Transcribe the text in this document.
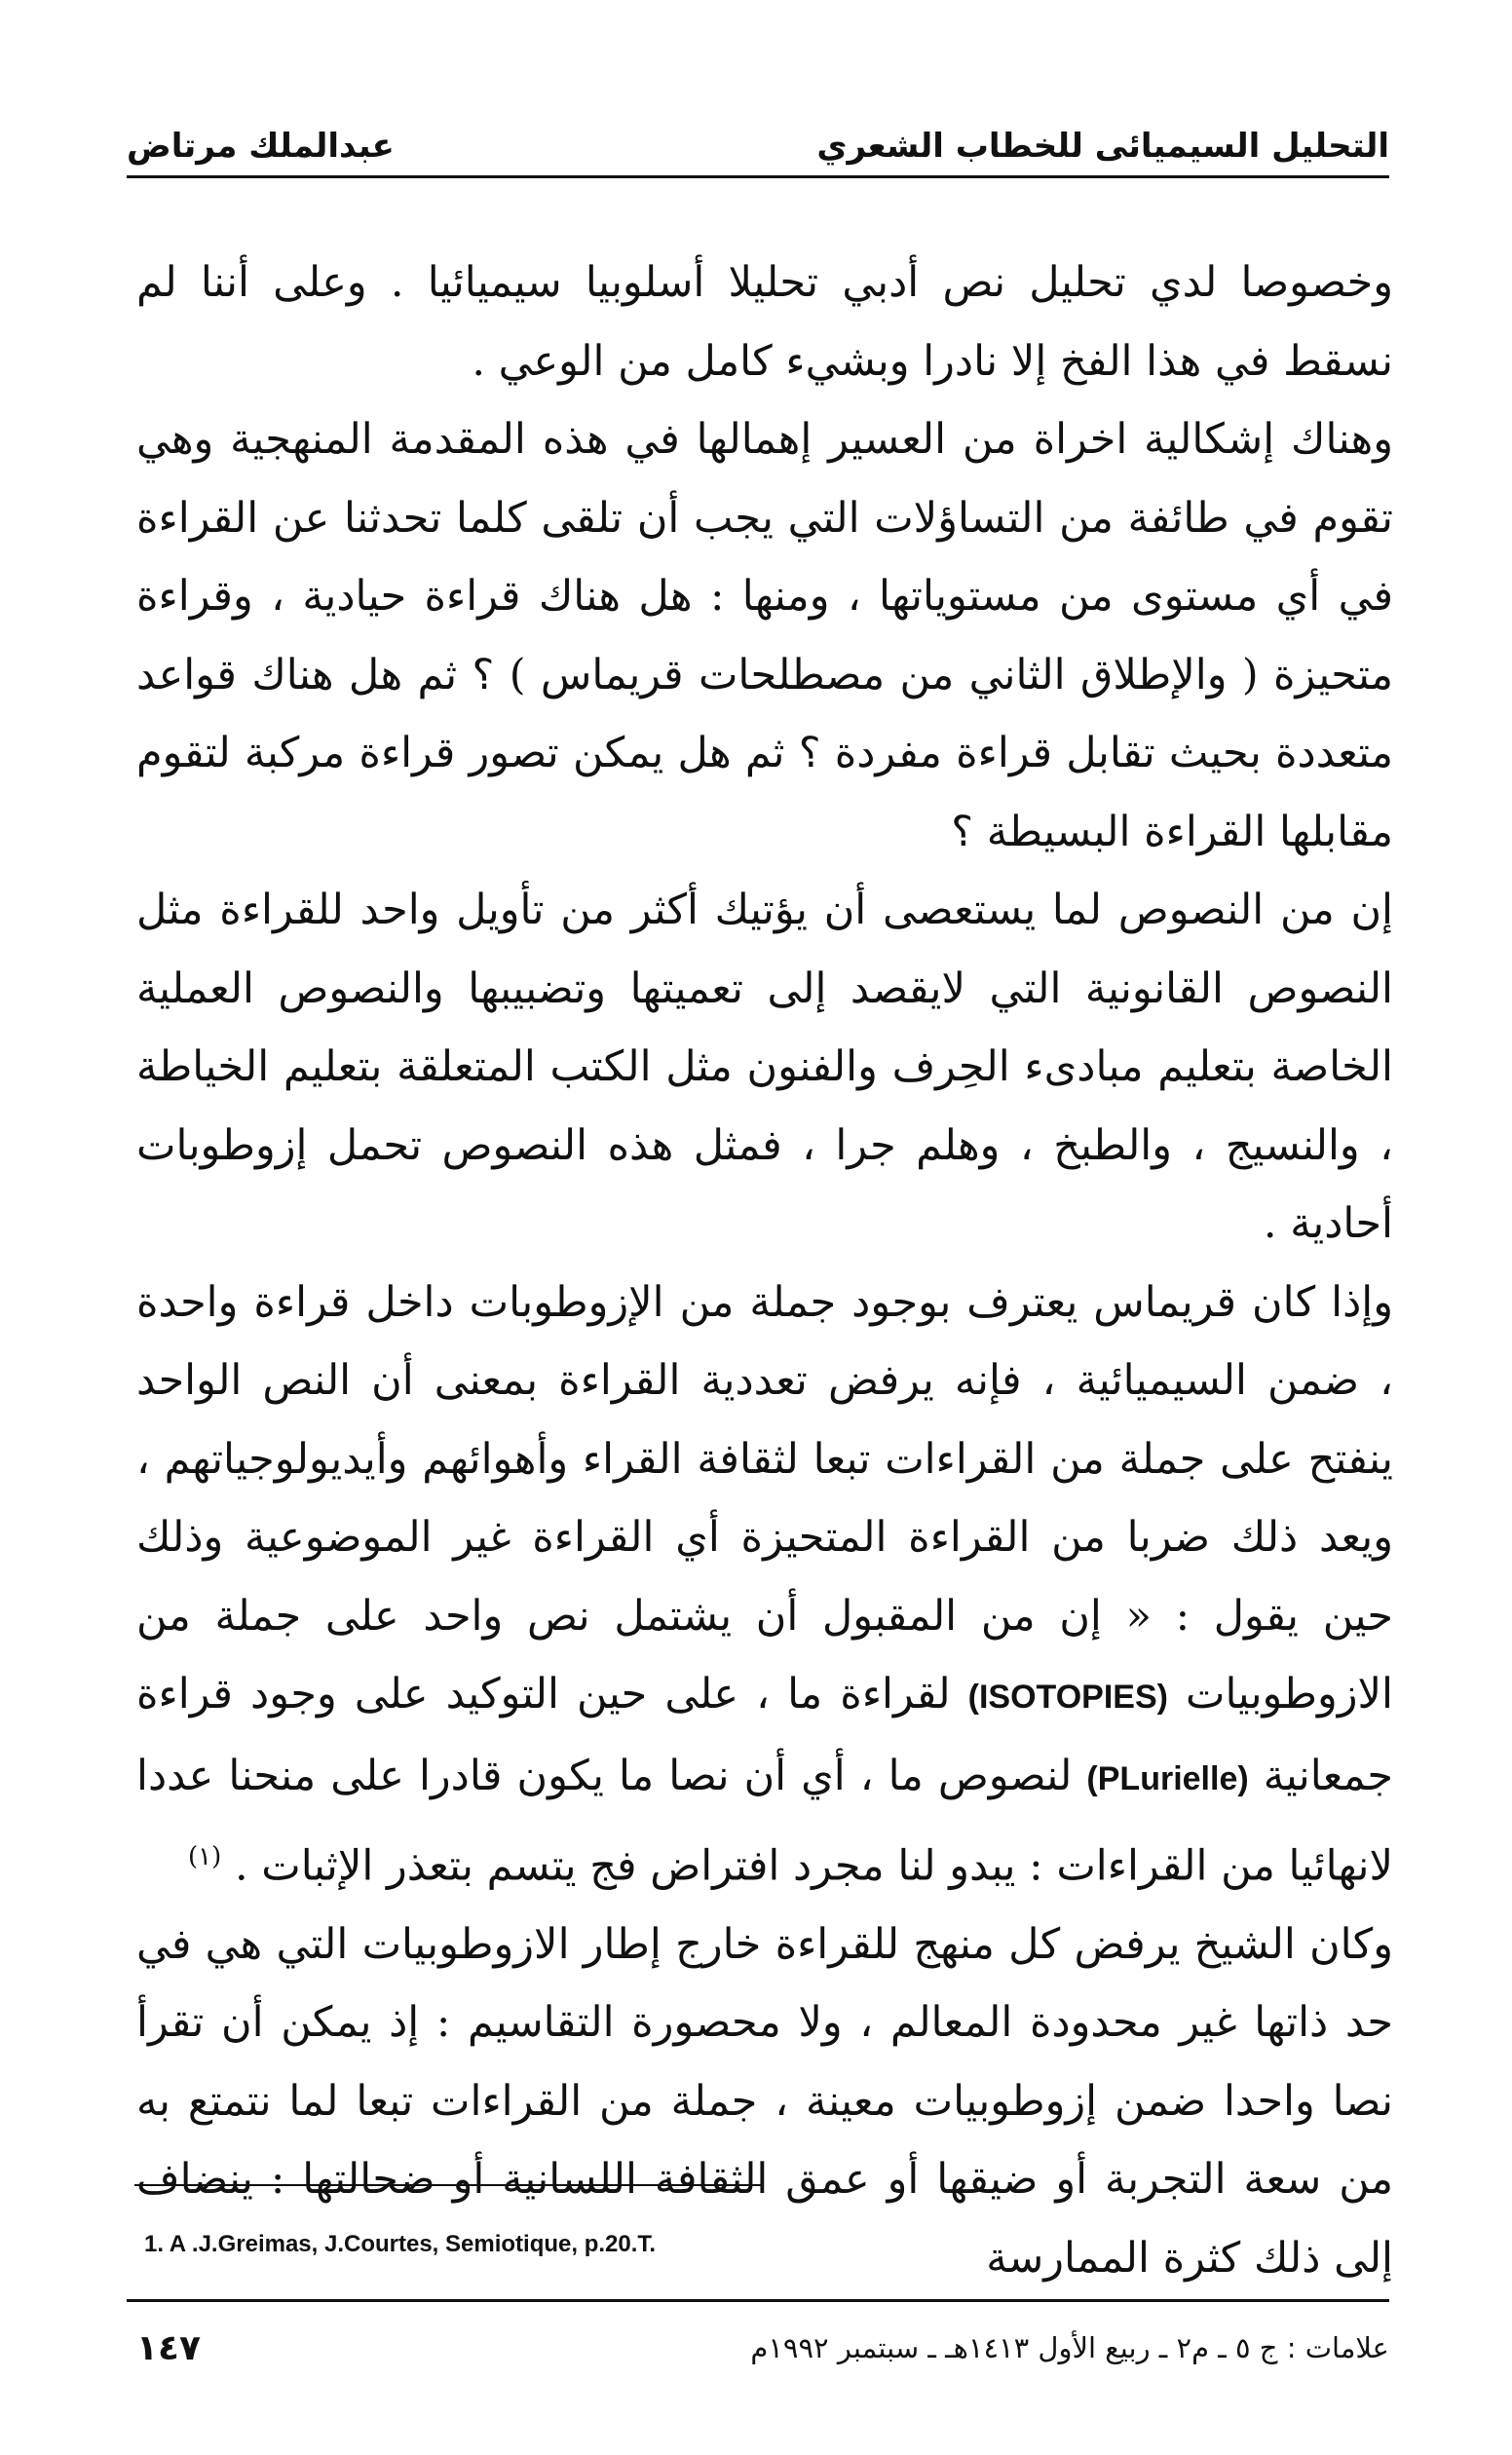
التحليل السيميائى للخطاب الشعري
عبدالملك مرتاض

وخصوصا لدي تحليل نص أدبي تحليلا أسلوبيا سيميائيا . وعلى أننا لم نسقط في هذا الفخ إلا نادرا وبشيء كامل من الوعي .

وهناك إشكالية اخراة من العسير إهمالها في هذه المقدمة المنهجية وهي تقوم في طائفة من التساؤلات التي يجب أن تلقى كلما تحدثنا عن القراءة في أي مستوى من مستوياتها ، ومنها : هل هناك قراءة حيادية ، وقراءة متحيزة ( والإطلاق الثاني من مصطلحات قريماس ) ؟ ثم هل هناك قواعد متعددة بحيث تقابل قراءة مفردة ؟ ثم هل يمكن تصور قراءة مركبة لتقوم مقابلها القراءة البسيطة ؟

إن من النصوص لما يستعصى أن يؤتيك أكثر من تأويل واحد للقراءة مثل النصوص القانونية التي لايقصد إلى تعميتها وتضبيبها والنصوص العملية الخاصة بتعليم مبادىء الحِرف والفنون مثل الكتب المتعلقة بتعليم الخياطة ، والنسيج ، والطبخ ، وهلم جرا ، فمثل هذه النصوص تحمل إزوطوبات أحادية .

وإذا كان قريماس يعترف بوجود جملة من الإزوطوبات داخل قراءة واحدة ، ضمن السيميائية ، فإنه يرفض تعددية القراءة بمعنى أن النص الواحد ينفتح على جملة من القراءات تبعا لثقافة القراء وأهوائهم وأيديولوجياتهم ، ويعد ذلك ضربا من القراءة المتحيزة أي القراءة غير الموضوعية وذلك حين يقول : « إن من المقبول أن يشتمل نص واحد على جملة من الازوطوبيات (ISOTOPIES) لقراءة ما ، على حين التوكيد على وجود قراءة جمعانية (PLurielle) لنصوص ما ، أي أن نصا ما يكون قادرا على منحنا عددا لانهائيا من القراءات : يبدو لنا مجرد افتراض فج يتسم بتعذر الإثبات . $^{(١)}$

وكان الشيخ يرفض كل منهج للقراءة خارج إطار الازوطوبيات التي هي في حد ذاتها غير محدودة المعالم ، ولا محصورة التقاسيم : إذ يمكن أن تقرأ نصا واحدا ضمن إزوطوبيات معينة ، جملة من القراءات تبعا لما نتمتع به من سعة التجربة أو ضيقها أو عمق الثقافة اللسانية أو ضحالتها : ينضاف إلى ذلك كثرة الممارسة

1. A .J.Greimas, J.Courtes, Semiotique, p.20.T.
علامات : ج ٥ ـ م٢ ـ ربيع الأول ١٤١٣هـ ـ سبتمبر ١٩٩٢م
١٤٧
